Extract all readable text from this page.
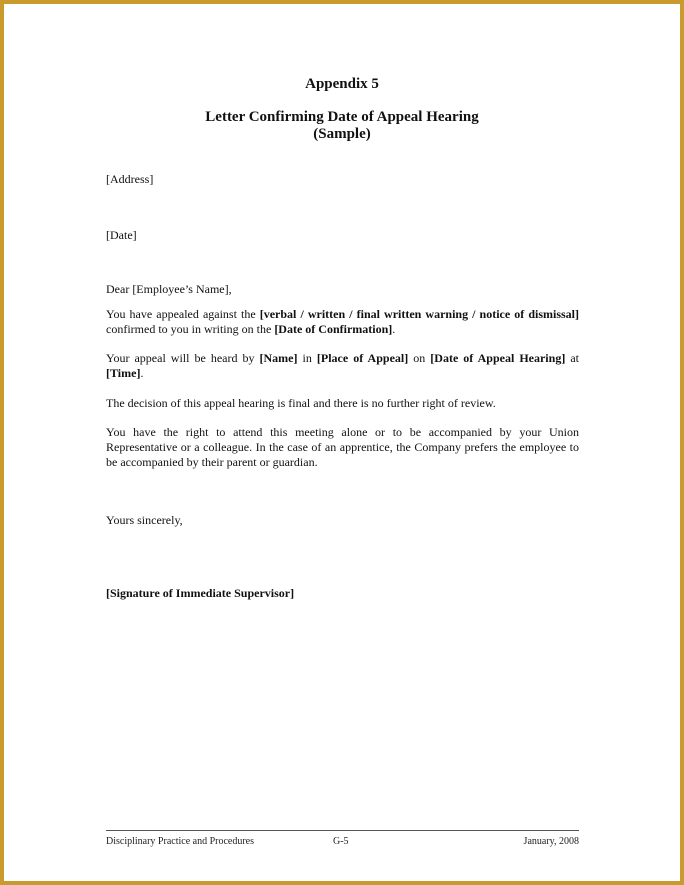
Appendix 5
Letter Confirming Date of Appeal Hearing
(Sample)
[Address]
[Date]
Dear [Employee’s Name],
You have appealed against the [verbal / written / final written warning / notice of dismissal] confirmed to you in writing on the [Date of Confirmation].
Your appeal will be heard by [Name] in [Place of Appeal] on [Date of Appeal Hearing] at [Time].
The decision of this appeal hearing is final and there is no further right of review.
You have the right to attend this meeting alone or to be accompanied by your Union Representative or a colleague. In the case of an apprentice, the Company prefers the employee to be accompanied by their parent or guardian.
Yours sincerely,
[Signature of Immediate Supervisor]
Disciplinary Practice and Procedures	G-5	January, 2008
